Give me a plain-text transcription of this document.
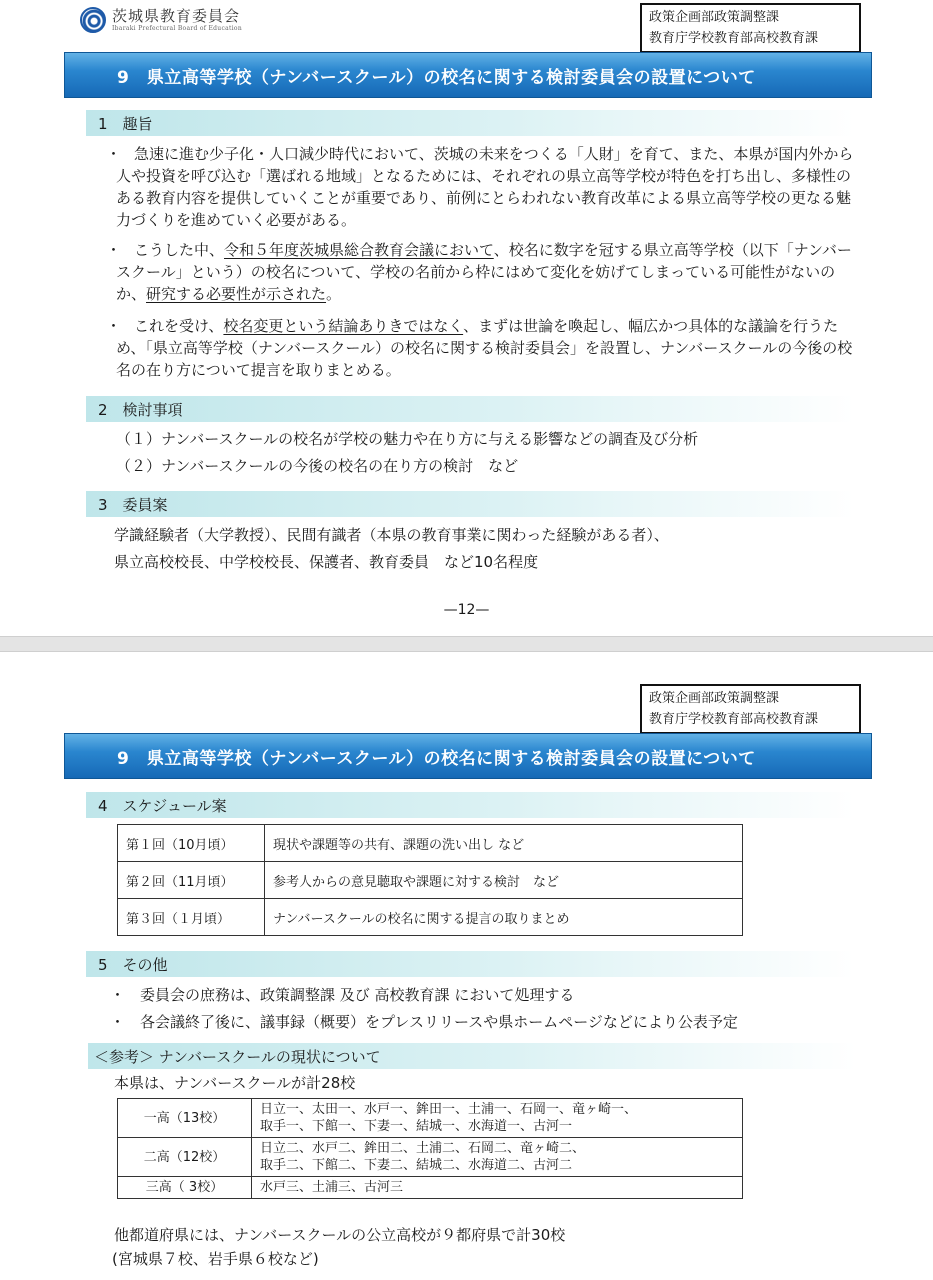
茨城県教育委員会
Ibaraki Prefectural Board of Education
政策企画部政策調整課
教育庁学校教育部高校教育課
9　県立高等学校（ナンバースクール）の校名に関する検討委員会の設置について
1　趣旨
・ 急速に進む少子化・人口減少時代において、茨城の未来をつくる「人財」を育て、また、本県が国内外から人や投資を呼び込む「選ばれる地域」となるためには、それぞれの県立高等学校が特色を打ち出し、多様性のある教育内容を提供していくことが重要であり、前例にとらわれない教育改革による県立高等学校の更なる魅力づくりを進めていく必要がある。
・ こうした中、令和５年度茨城県総合教育会議において、校名に数字を冠する県立高等学校（以下「ナンバースクール」という）の校名について、学校の名前から枠にはめて変化を妨げてしまっている可能性がないのか、研究する必要性が示された。
・ これを受け、校名変更という結論ありきではなく、まずは世論を喚起し、幅広かつ具体的な議論を行うため、「県立高等学校（ナンバースクール）の校名に関する検討委員会」を設置し、ナンバースクールの今後の校名の在り方について提言を取りまとめる。
2　検討事項
（１）ナンバースクールの校名が学校の魅力や在り方に与える影響などの調査及び分析
（２）ナンバースクールの今後の校名の在り方の検討　など
3　委員案
学識経験者（大学教授）、民間有識者（本県の教育事業に関わった経験がある者）、
県立高校校長、中学校校長、保護者、教育委員　など10名程度
—12—
政策企画部政策調整課
教育庁学校教育部高校教育課
9　県立高等学校（ナンバースクール）の校名に関する検討委員会の設置について
4　スケジュール案
第１回（10月頃）	現状や課題等の共有、課題の洗い出し など
第２回（11月頃）	参考人からの意見聴取や課題に対する検討　など
第３回（１月頃）	ナンバースクールの校名に関する提言の取りまとめ
5　その他
・　委員会の庶務は、政策調整課 及び 高校教育課 において処理する
・　各会議終了後に、議事録（概要）をプレスリリースや県ホームページなどにより公表予定
＜参考＞ ナンバースクールの現状について
本県は、ナンバースクールが計28校
一高（13校）	日立一、太田一、水戸一、鉾田一、土浦一、石岡一、竜ヶ崎一、
取手一、下館一、下妻一、結城一、水海道一、古河一

二高（12校）	日立二、水戸二、鉾田二、土浦二、石岡二、竜ヶ崎二、
取手二、下館二、下妻二、結城二、水海道二、古河二

三高（ 3校）	水戸三、土浦三、古河三
他都道府県には、ナンバースクールの公立高校が９都府県で計30校
(宮城県７校、岩手県６校など)
